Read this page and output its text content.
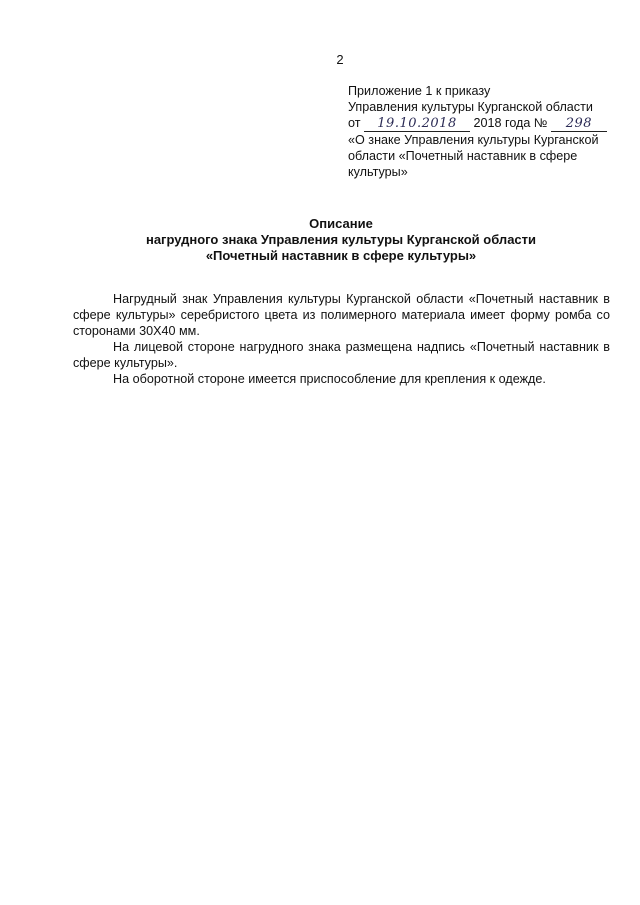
2
Приложение 1 к приказу
Управления культуры Курганской области
от 19.10.2018 2018 года № 298
«О знаке Управления культуры Курганской
области «Почетный наставник в сфере
культуры»
Описание
нагрудного знака Управления культуры Курганской области
«Почетный наставник в сфере культуры»

Нагрудный знак Управления культуры Курганской области «Почетный наставник в сфере культуры» серебристого цвета из полимерного материала имеет форму ромба со сторонами 30Х40 мм.

На лицевой стороне нагрудного знака размещена надпись «Почетный наставник в сфере культуры».

На оборотной стороне имеется приспособление для крепления к одежде.
